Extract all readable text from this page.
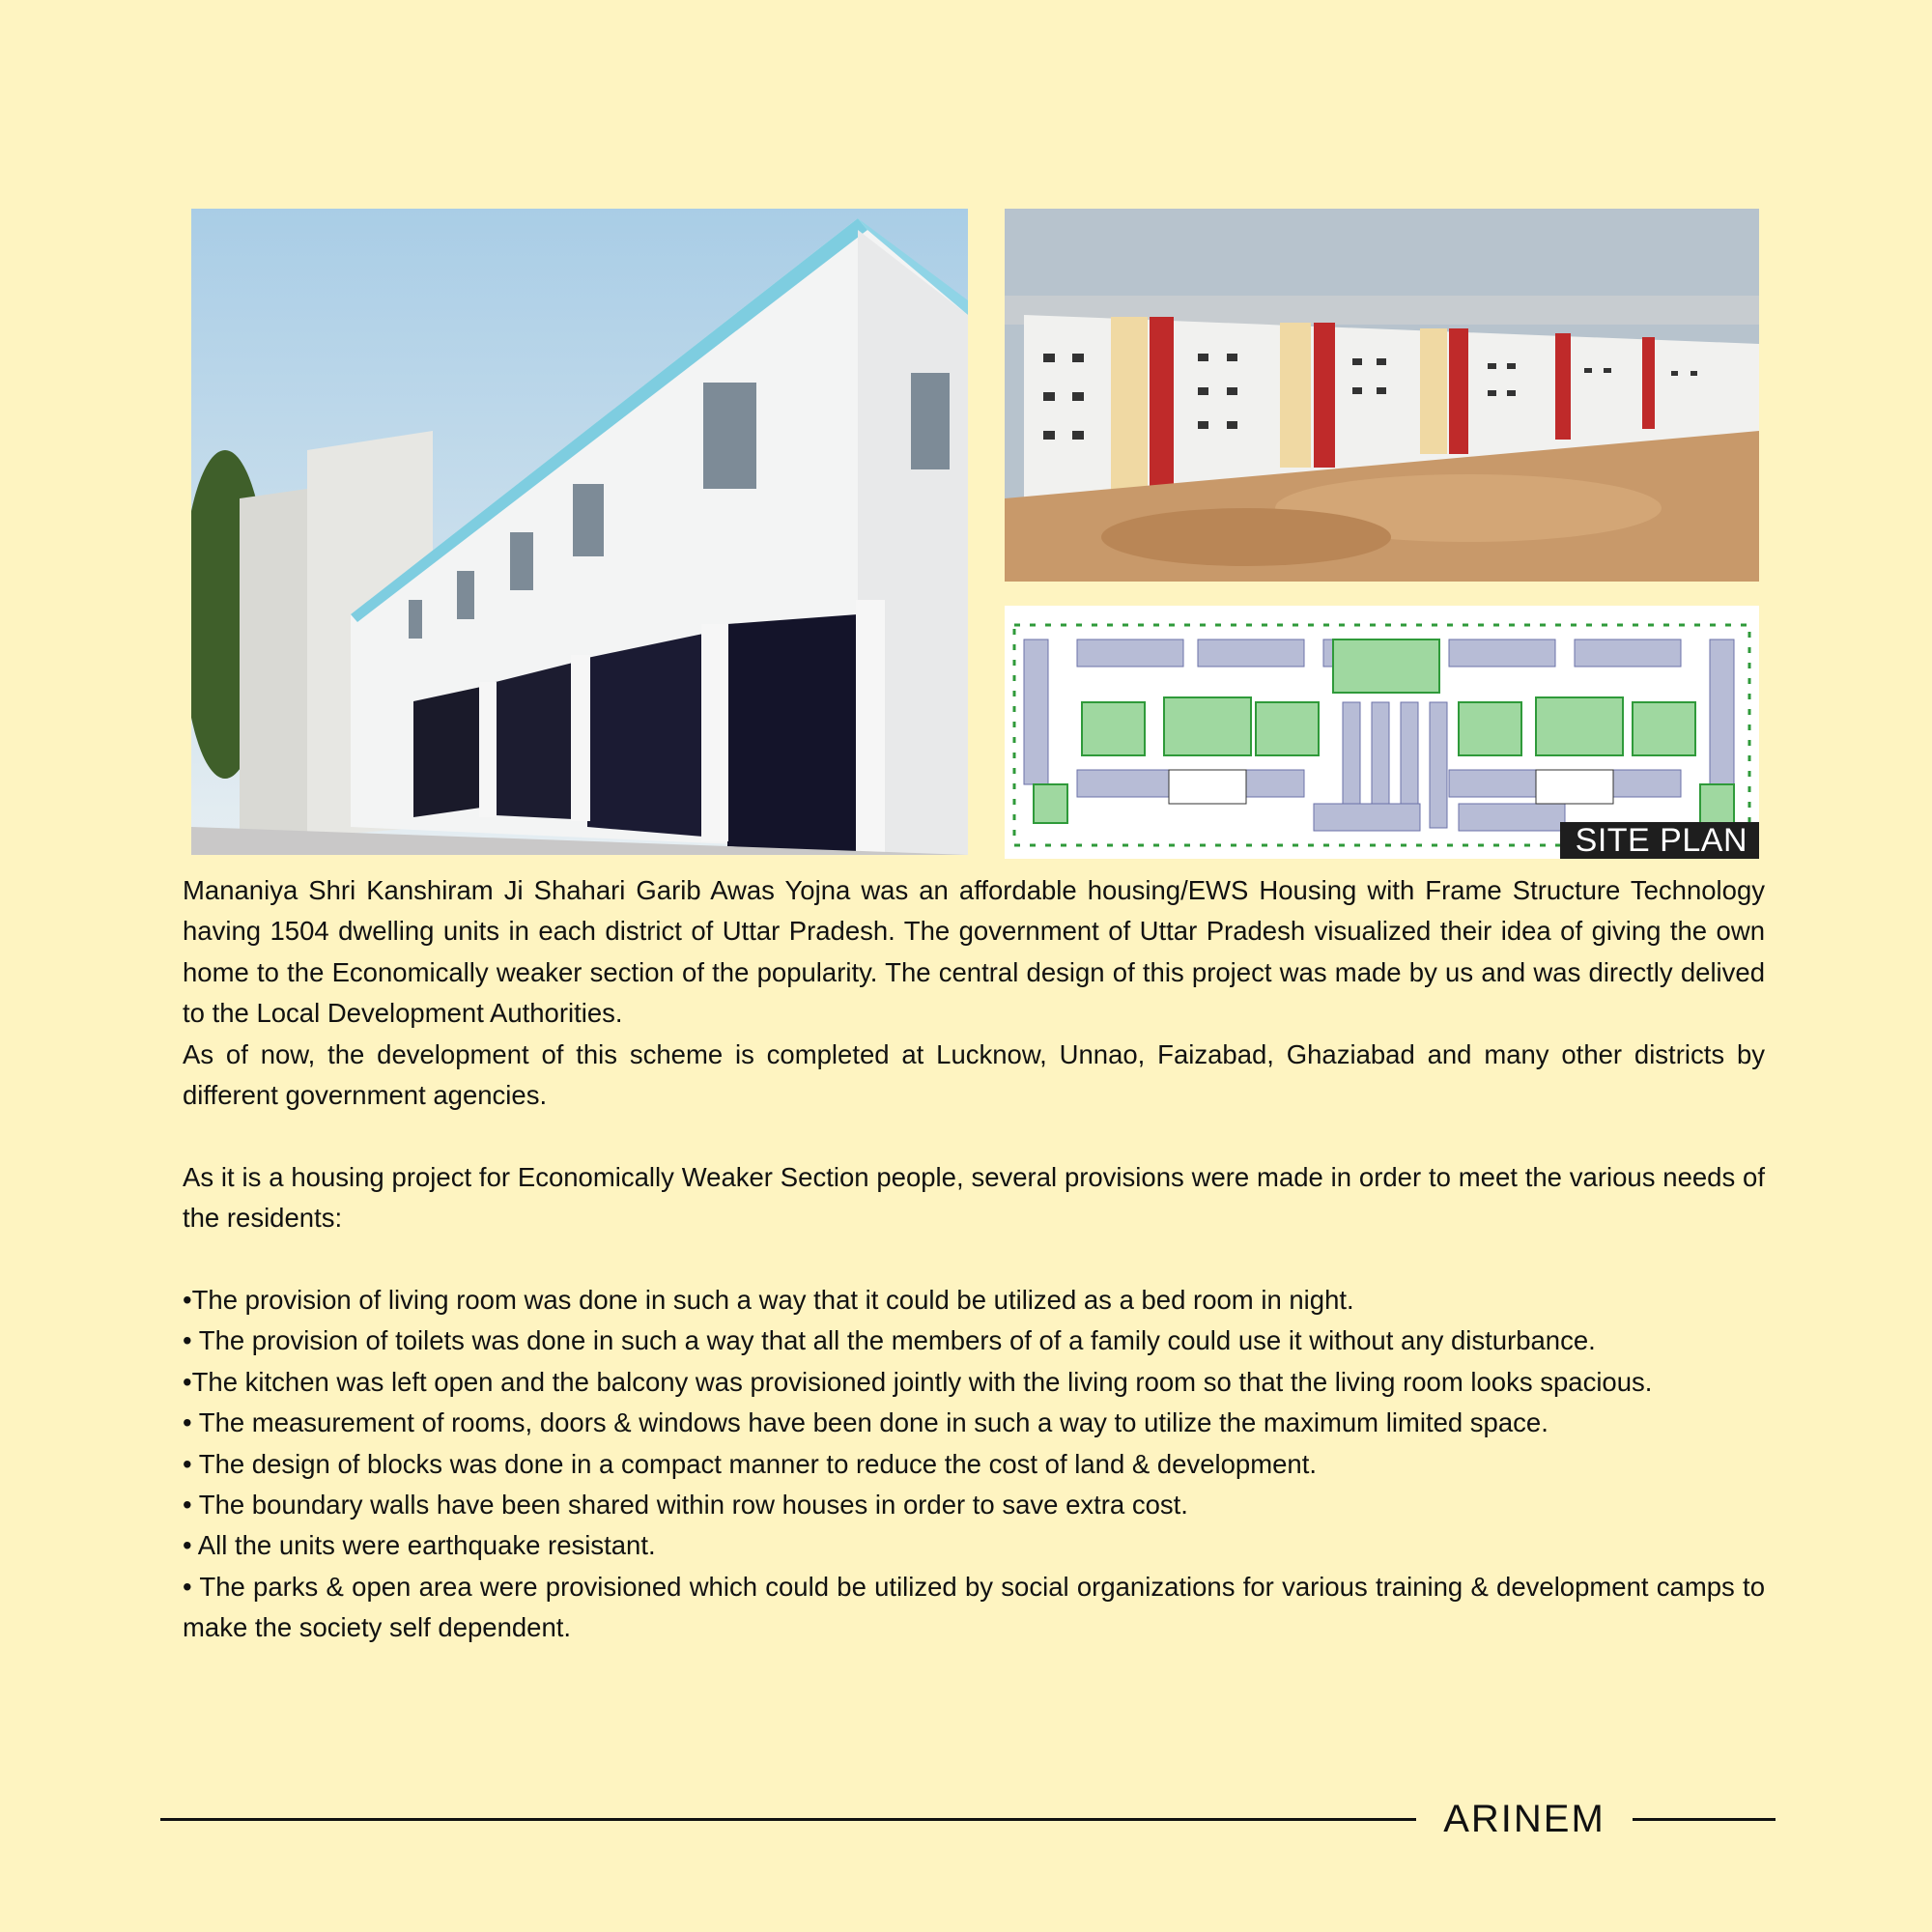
SITE PLAN

Mananiya Shri Kanshiram Ji Shahari Garib Awas Yojna was an affordable housing/EWS Housing with Frame Structure Technology having 1504 dwelling units in each district of Uttar Pradesh. The government of Uttar Pradesh visualized their idea of giving the own home to the Economically weaker section of the popularity. The central design of this project was made by us and was directly delived to the Local Development Authorities.

As of now, the development of this scheme is completed at Lucknow, Unnao, Faizabad, Ghaziabad and many other districts by different government agencies.

As it is a housing project for Economically Weaker Section people, several provisions were made in order to meet the various needs of the residents:

•The provision of living room was done in such a way that it could be utilized as a bed room in night.

• The provision of toilets was done in such a way that all the members of of a family could use it without any disturbance.

•The kitchen was left open and the balcony was provisioned jointly with the living room so that the living room looks spacious.

• The measurement of rooms, doors & windows have been done in such a way to utilize the maximum limited space.

• The design of blocks was done in a compact manner to reduce the cost of land & development.

• The boundary walls have been shared within row houses in order to save extra cost.

• All the units were earthquake resistant.

• The parks & open area were provisioned which could be utilized by social organizations for various training & development camps to make the society self dependent.

ARINEM
